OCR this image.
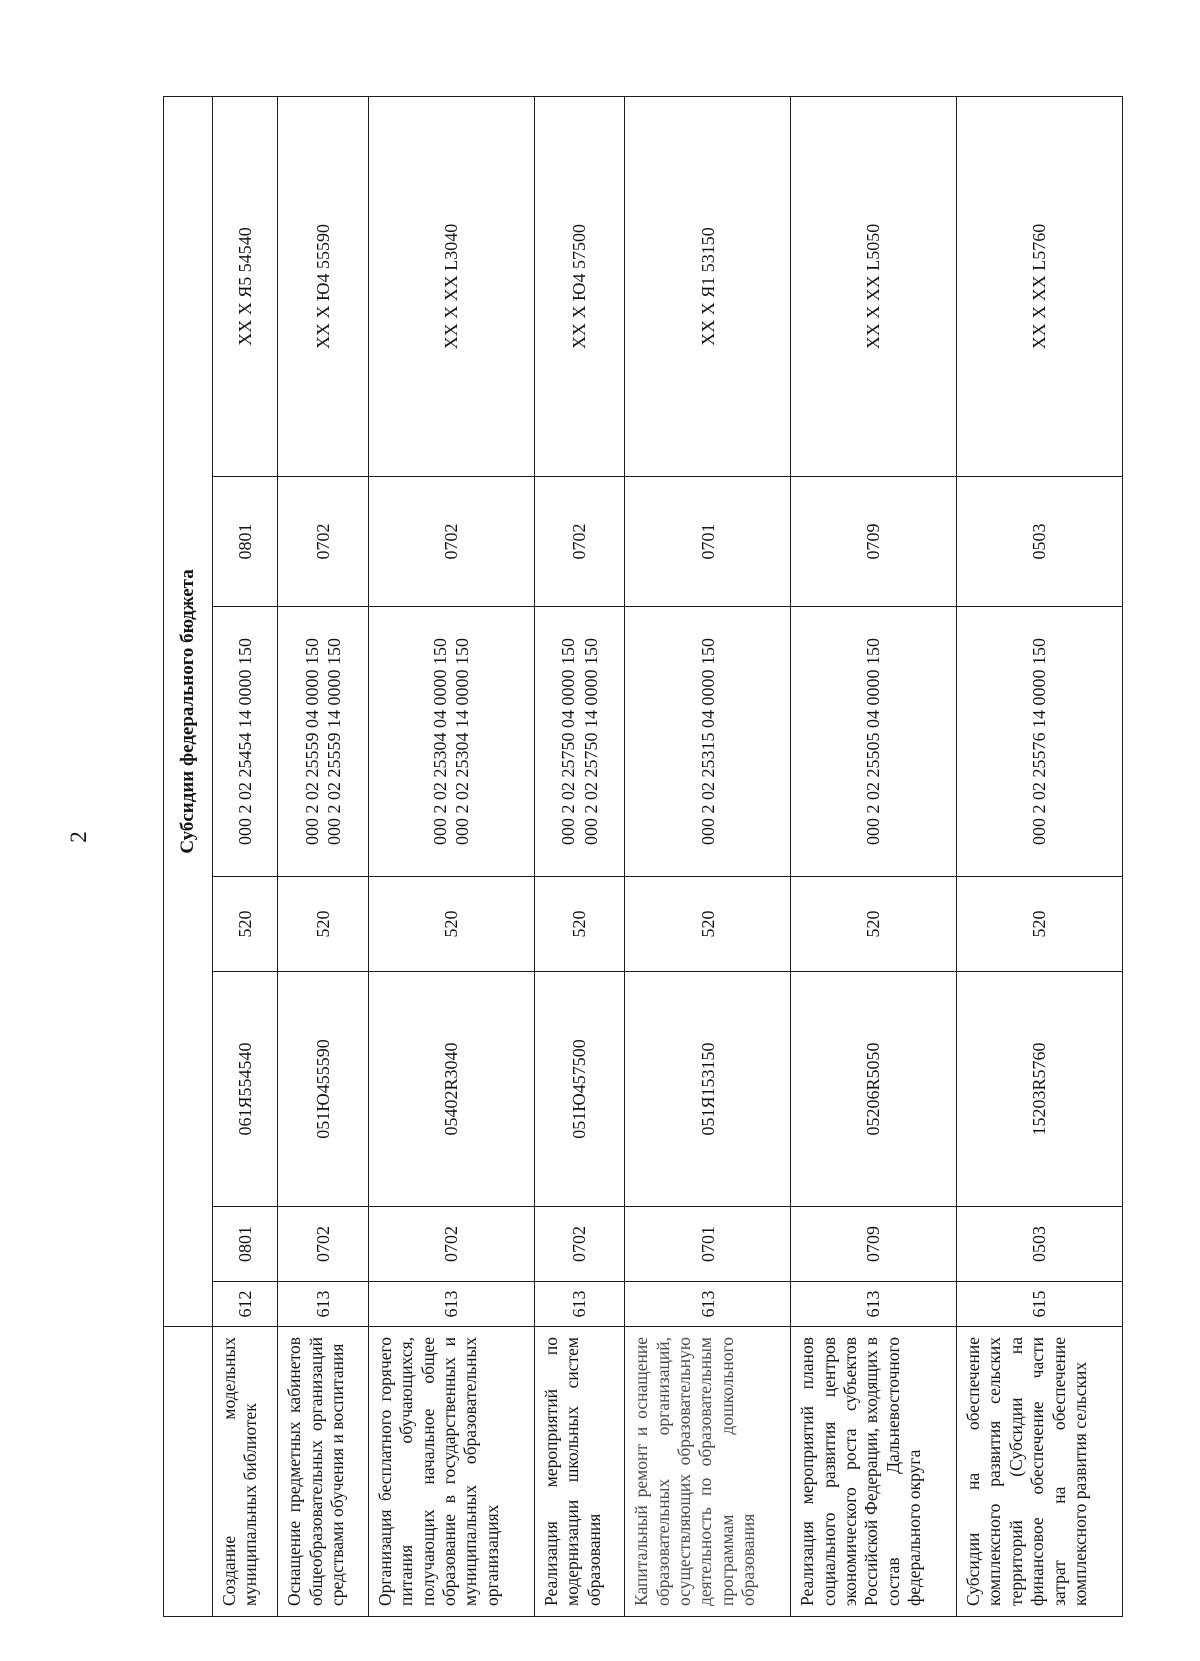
2
		Субсидии федерального бюджета						
Создание модельных муниципальных библиотек	612	0801	061Я554540	520	000 2 02 25454 14 0000 150	0801	XX X Я5 54540
Оснащение предметных кабинетов общеобразовательных организаций средствами обучения и воспитания	613	0702	051Ю455590	520	000 2 02 25559 04 0000 150 000 2 02 25559 14 0000 150	0702	XX X Ю4 55590
Организация бесплатного горячего питания обучающихся, получающих начальное общее образование в государственных и муниципальных образовательных организациях	613	0702	05402R3040	520	000 2 02 25304 04 0000 150 000 2 02 25304 14 0000 150	0702	XX X XX L3040
Реализация мероприятий по модернизации школьных систем образования	613	0702	051Ю457500	520	000 2 02 25750 04 0000 150 000 2 02 25750 14 0000 150	0702	XX X Ю4 57500
Капитальный ремонт и оснащение образовательных организаций, осуществляющих образовательную деятельность по образовательным программам дошкольного образования	613	0701	051Я153150	520	000 2 02 25315 04 0000 150	0701	XX X Я1 53150
Реализация мероприятий планов социального развития центров экономического роста субъектов Российской Федерации, входящих в состав Дальневосточного федерального округа	613	0709	05206R5050	520	000 2 02 25505 04 0000 150	0709	XX X XX L5050
Субсидии на обеспечение комплексного развития сельских территорий (Субсидии на финансовое обеспечение части затрат на обеспечение комплексного развития сельских	615	0503	15203R5760	520	000 2 02 25576 14 0000 150	0503	XX X XX L5760
